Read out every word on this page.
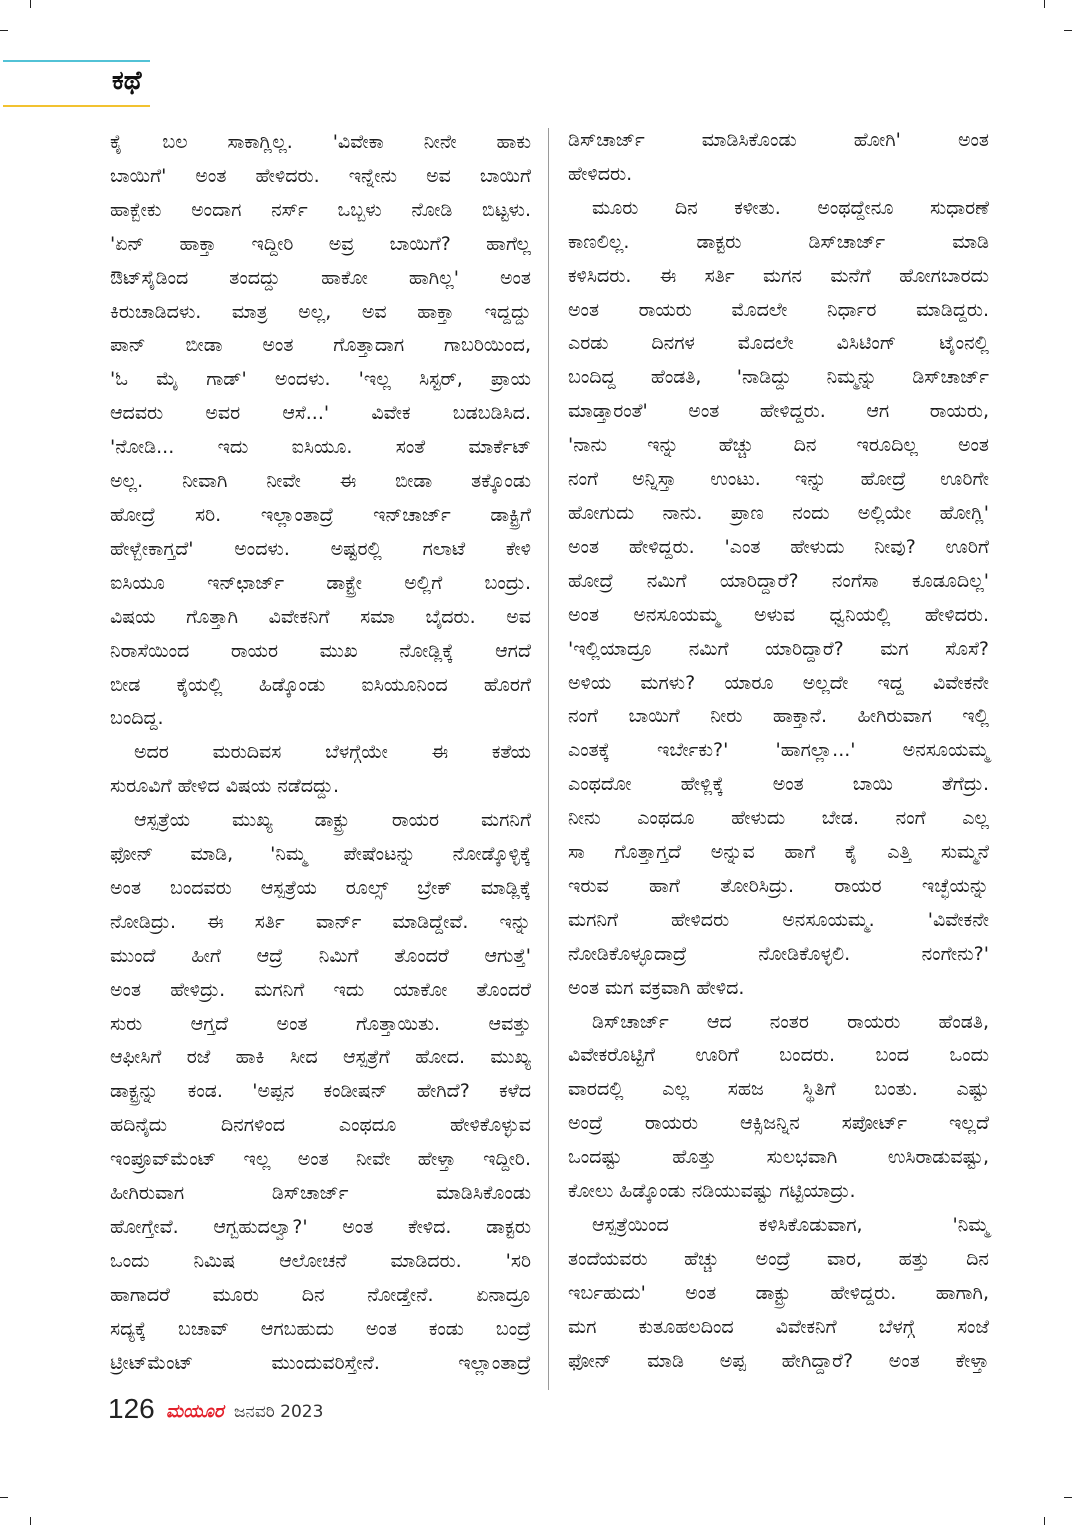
ಕಥೆ
ಕೈ ಬಲ ಸಾಕಾಗ್ಲಿಲ್ಲ. 'ವಿವೇಕಾ ನೀನೇ ಹಾಕು
ಬಾಯಿಗೆ' ಅಂತ ಹೇಳಿದರು. ಇನ್ನೇನು ಅವ ಬಾಯಿಗೆ
ಹಾಕ್ಬೇಕು ಅಂದಾಗ ನರ್ಸ್ ಒಬ್ಬಳು ನೋಡಿ ಬಿಟ್ಟಳು.
'ಏನ್ ಹಾಕ್ತಾ ಇದ್ದೀರಿ ಅವ್ರ ಬಾಯಿಗೆ? ಹಾಗೆಲ್ಲ
ಔಟ್‌ಸೈಡಿಂದ ತಂದದ್ದು ಹಾಕೋ ಹಾಗಿಲ್ಲ' ಅಂತ
ಕಿರುಚಾಡಿದಳು. ಮಾತ್ರ ಅಲ್ಲ, ಅವ ಹಾಕ್ತಾ ಇದ್ದದ್ದು
ಪಾನ್ ಬೀಡಾ ಅಂತ ಗೊತ್ತಾದಾಗ ಗಾಬರಿಯಿಂದ,
'ಓ ಮೈ ಗಾಡ್' ಅಂದಳು. 'ಇಲ್ಲ ಸಿಸ್ಟರ್, ಪ್ರಾಯ
ಆದವರು ಅವರ ಆಸೆ...' ವಿವೇಕ ಬಡಬಡಿಸಿದ.
'ನೋಡಿ... ಇದು ಐಸಿಯೂ. ಸಂತೆ ಮಾರ್ಕೆಟ್
ಅಲ್ಲ. ನೀವಾಗಿ ನೀವೇ ಈ ಬೀಡಾ ತಕ್ಕೊಂಡು
ಹೋದ್ರೆ ಸರಿ. ಇಲ್ಲಾಂತಾದ್ರೆ ಇನ್‌ಚಾರ್ಜ್ ಡಾಕ್ಟ್ರಿಗೆ
ಹೇಳ್ಬೇಕಾಗ್ತದೆ' ಅಂದಳು. ಅಷ್ಟರಲ್ಲಿ ಗಲಾಟೆ ಕೇಳಿ
ಐಸಿಯೂ ಇನ್‌ಛಾರ್ಜ್ ಡಾಕ್ಟ್ರೇ ಅಲ್ಲಿಗೆ ಬಂದ್ರು.
ವಿಷಯ ಗೊತ್ತಾಗಿ ವಿವೇಕನಿಗೆ ಸಮಾ ಬೈದರು. ಅವ
ನಿರಾಸೆಯಿಂದ ರಾಯರ ಮುಖ ನೋಡ್ಲಿಕ್ಕೆ ಆಗದೆ
ಬೀಡ ಕೈಯಲ್ಲಿ ಹಿಡ್ಕೊಂಡು ಐಸಿಯೂನಿಂದ ಹೊರಗೆ
ಬಂದಿದ್ದ.
ಅದರ ಮರುದಿವಸ ಬೆಳಗ್ಗೆಯೇ ಈ ಕತೆಯ
ಸುರೂವಿಗೆ ಹೇಳಿದ ವಿಷಯ ನಡೆದದ್ದು.
ಆಸ್ಪತ್ರೆಯ ಮುಖ್ಯ ಡಾಕ್ಟ್ರು ರಾಯರ ಮಗನಿಗೆ
ಫೋನ್ ಮಾಡಿ, 'ನಿಮ್ಮ ಪೇಷೆಂಟನ್ನು ನೋಡ್ಕೊಳ್ಳಿಕ್ಕೆ
ಅಂತ ಬಂದವರು ಆಸ್ಪತ್ರೆಯ ರೂಲ್ಸ್ ಬ್ರೇಕ್ ಮಾಡ್ಲಿಕ್ಕೆ
ನೋಡಿದ್ರು. ಈ ಸರ್ತಿ ವಾರ್ನ್ ಮಾಡಿದ್ದೇವೆ. ಇನ್ನು
ಮುಂದೆ ಹೀಗೆ ಆದ್ರೆ ನಿಮಿಗೆ ತೊಂದರೆ ಆಗುತ್ತೆ'
ಅಂತ ಹೇಳಿದ್ರು. ಮಗನಿಗೆ ಇದು ಯಾಕೋ ತೊಂದರೆ
ಸುರು ಆಗ್ತದೆ ಅಂತ ಗೊತ್ತಾಯಿತು. ಆವತ್ತು
ಆಫೀಸಿಗೆ ರಜೆ ಹಾಕಿ ಸೀದ ಆಸ್ಪತ್ರೆಗೆ ಹೋದ. ಮುಖ್ಯ
ಡಾಕ್ಟ್ರನ್ನು ಕಂಡ. 'ಅಪ್ಪನ ಕಂಡೀಷನ್ ಹೇಗಿದೆ? ಕಳೆದ
ಹದಿನೈದು ದಿನಗಳಿಂದ ಎಂಥದೂ ಹೇಳಿಕೊಳ್ಳುವ
ಇಂಪ್ರೂವ್‌ಮೆಂಟ್ ಇಲ್ಲ ಅಂತ ನೀವೇ ಹೇಳ್ತಾ ಇದ್ದೀರಿ.
ಹೀಗಿರುವಾಗ ಡಿಸ್‌ಚಾರ್ಜ್ ಮಾಡಿಸಿಕೊಂಡು
ಹೋಗ್ತೇವೆ. ಆಗ್ಬಹುದಲ್ವಾ?' ಅಂತ ಕೇಳಿದ. ಡಾಕ್ಟರು
ಒಂದು ನಿಮಿಷ ಆಲೋಚನೆ ಮಾಡಿದರು. 'ಸರಿ
ಹಾಗಾದರೆ ಮೂರು ದಿನ ನೋಡ್ತೇನೆ. ಏನಾದ್ರೂ
ಸದ್ಯಕ್ಕೆ ಬಚಾವ್ ಆಗಬಹುದು ಅಂತ ಕಂಡು ಬಂದ್ರೆ
ಟ್ರೀಟ್‌ಮೆಂಟ್ ಮುಂದುವರಿಸ್ತೇನೆ. ಇಲ್ಲಾಂತಾದ್ರೆ
ಡಿಸ್‌ಚಾರ್ಜ್ ಮಾಡಿಸಿಕೊಂಡು ಹೋಗಿ' ಅಂತ
ಹೇಳಿದರು.
ಮೂರು ದಿನ ಕಳೀತು. ಅಂಥದ್ದೇನೂ ಸುಧಾರಣೆ
ಕಾಣಲಿಲ್ಲ. ಡಾಕ್ಟರು ಡಿಸ್‌ಚಾರ್ಜ್ ಮಾಡಿ
ಕಳಿಸಿದರು. ಈ ಸರ್ತಿ ಮಗನ ಮನೆಗೆ ಹೋಗಬಾರದು
ಅಂತ ರಾಯರು ಮೊದಲೇ ನಿರ್ಧಾರ ಮಾಡಿದ್ದರು.
ಎರಡು ದಿನಗಳ ಮೊದಲೇ ವಿಸಿಟಿಂಗ್ ಟೈಂನಲ್ಲಿ
ಬಂದಿದ್ದ ಹೆಂಡತಿ, 'ನಾಡಿದ್ದು ನಿಮ್ಮನ್ನು ಡಿಸ್‌ಚಾರ್ಜ್
ಮಾಡ್ತಾರಂತೆ' ಅಂತ ಹೇಳಿದ್ದರು. ಆಗ ರಾಯರು,
'ನಾನು ಇನ್ನು ಹೆಚ್ಚು ದಿನ ಇರೂದಿಲ್ಲ ಅಂತ
ನಂಗೆ ಅನ್ನಿಸ್ತಾ ಉಂಟು. ಇನ್ನು ಹೋದ್ರೆ ಊರಿಗೇ
ಹೋಗುದು ನಾನು. ಪ್ರಾಣ ನಂದು ಅಲ್ಲಿಯೇ ಹೋಗ್ಲಿ'
ಅಂತ ಹೇಳಿದ್ದರು. 'ಎಂತ ಹೇಳುದು ನೀವು? ಊರಿಗೆ
ಹೋದ್ರೆ ನಮಿಗೆ ಯಾರಿದ್ದಾರೆ? ನಂಗೆಸಾ ಕೂಡೂದಿಲ್ಲ'
ಅಂತ ಅನಸೂಯಮ್ಮ ಅಳುವ ಧ್ವನಿಯಲ್ಲಿ ಹೇಳಿದರು.
'ಇಲ್ಲಿಯಾದ್ರೂ ನಮಿಗೆ ಯಾರಿದ್ದಾರೆ? ಮಗ ಸೊಸೆ?
ಅಳಿಯ ಮಗಳು? ಯಾರೂ ಅಲ್ಲದೇ ಇದ್ದ ವಿವೇಕನೇ
ನಂಗೆ ಬಾಯಿಗೆ ನೀರು ಹಾಕ್ತಾನೆ. ಹೀಗಿರುವಾಗ ಇಲ್ಲಿ
ಎಂತಕ್ಕೆ ಇರ್ಬೇಕು?' 'ಹಾಗಲ್ಲಾ...' ಅನಸೂಯಮ್ಮ
ಎಂಥದೋ ಹೇಳ್ಲಿಕ್ಕೆ ಅಂತ ಬಾಯಿ ತೆಗೆದ್ರು.
ನೀನು ಎಂಥದೂ ಹೇಳುದು ಬೇಡ. ನಂಗೆ ಎಲ್ಲ
ಸಾ ಗೊತ್ತಾಗ್ತದೆ ಅನ್ನುವ ಹಾಗೆ ಕೈ ಎತ್ತಿ ಸುಮ್ಮನೆ
ಇರುವ ಹಾಗೆ ತೋರಿಸಿದ್ರು. ರಾಯರ ಇಚ್ಛೆಯನ್ನು
ಮಗನಿಗೆ ಹೇಳಿದರು ಅನಸೂಯಮ್ಮ. 'ವಿವೇಕನೇ
ನೋಡಿಕೊಳ್ಳೂದಾದ್ರೆ ನೋಡಿಕೊಳ್ಳಲಿ. ನಂಗೇನು?'
ಅಂತ ಮಗ ವಕ್ರವಾಗಿ ಹೇಳಿದ.
ಡಿಸ್‌ಚಾರ್ಜ್ ಆದ ನಂತರ ರಾಯರು ಹೆಂಡತಿ,
ವಿವೇಕರೊಟ್ಟಿಗೆ ಊರಿಗೆ ಬಂದರು. ಬಂದ ಒಂದು
ವಾರದಲ್ಲಿ ಎಲ್ಲ ಸಹಜ ಸ್ಥಿತಿಗೆ ಬಂತು. ಎಷ್ಟು
ಅಂದ್ರೆ ರಾಯರು ಆಕ್ಸಿಜನ್ನಿನ ಸಪೋರ್ಟ್ ಇಲ್ಲದೆ
ಒಂದಷ್ಟು ಹೊತ್ತು ಸುಲಭವಾಗಿ ಉಸಿರಾಡುವಷ್ಟು,
ಕೋಲು ಹಿಡ್ಕೊಂಡು ನಡಿಯುವಷ್ಟು ಗಟ್ಟಿಯಾದ್ರು.
ಆಸ್ಪತ್ರೆಯಿಂದ ಕಳಿಸಿಕೊಡುವಾಗ, 'ನಿಮ್ಮ
ತಂದೆಯವರು ಹೆಚ್ಚು ಅಂದ್ರೆ ವಾರ, ಹತ್ತು ದಿನ
ಇರ್ಬಹುದು' ಅಂತ ಡಾಕ್ಟ್ರು ಹೇಳಿದ್ದರು. ಹಾಗಾಗಿ,
ಮಗ ಕುತೂಹಲದಿಂದ ವಿವೇಕನಿಗೆ ಬೆಳಗ್ಗೆ ಸಂಜೆ
ಫೋನ್ ಮಾಡಿ ಅಪ್ಪ ಹೇಗಿದ್ದಾರೆ? ಅಂತ ಕೇಳ್ತಾ
126 ಮಯೂರ ಜನವರಿ 2023
